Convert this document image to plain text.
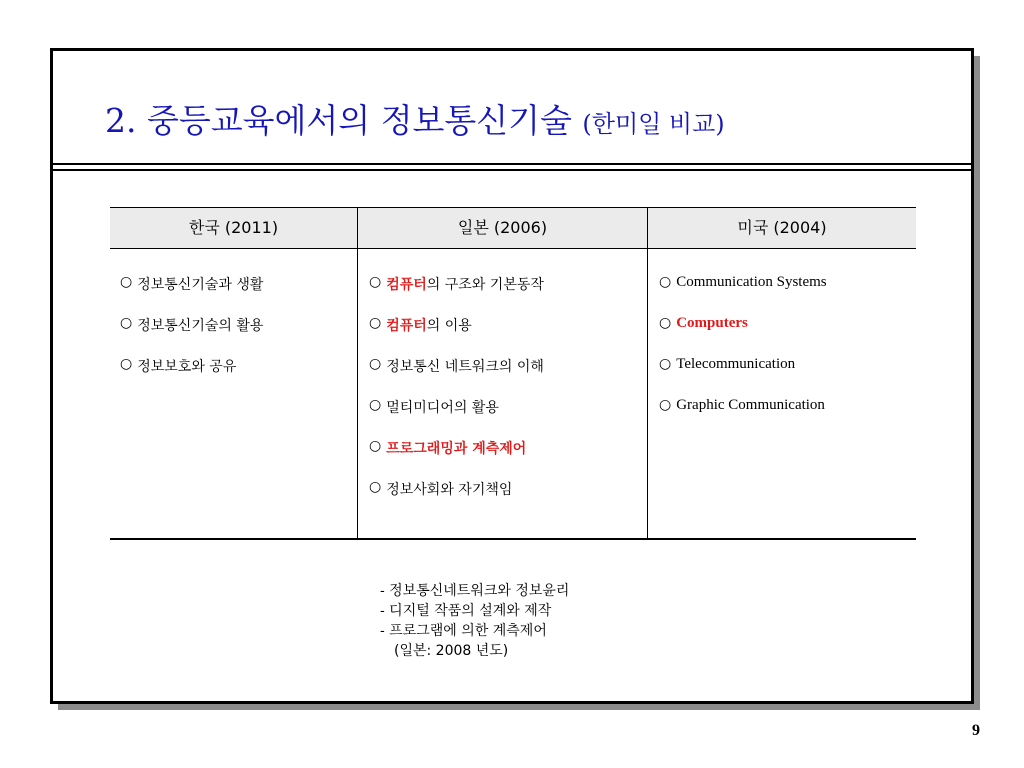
2. 중등교육에서의 정보통신기술 (한미일 비교)
한국 (2011)	일본 (2006)	미국 (2004)
○ 정보통신기술과 생활
○ 정보통신기술의 활용
○ 정보보호와 공유
○ 컴퓨터 의 구조와 기본동작
○ 컴퓨터 의 이용
○ 정보통신 네트워크의 이해
○ 멀티미디어의 활용
○ 프로그래밍과 계측제어
○ 정보사회와 자기책임
○ Communication Systems
○ Computers
○ Telecommunication
○ Graphic Communication
- 정보통신네트워크와 정보윤리
- 디지털 작품의 설계와 제작
- 프로그램에 의한 계측제어
(일본: 2008 년도)
9
